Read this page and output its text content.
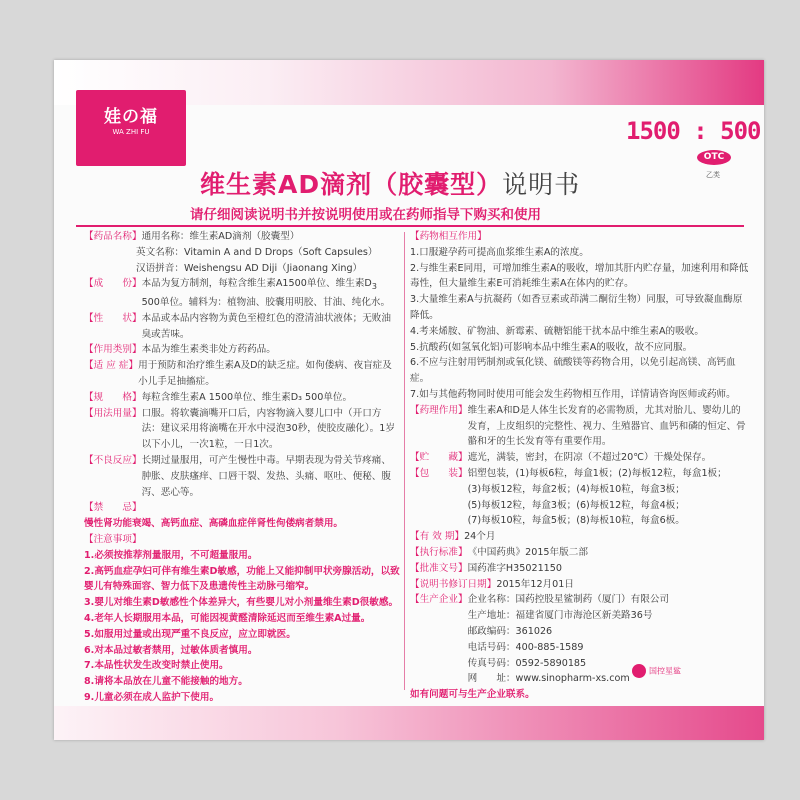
娃の福
WA ZHI FU	1500 : 500
OTC
乙类
维生素AD滴剂（胶囊型）说明书
请仔细阅读说明书并按说明使用或在药师指导下购买和使用
【药品名称】 通用名称：维生素AD滴剂（胶囊型）
英文名称：Vitamin A and D Drops（Soft Capsules）
汉语拼音：Weishengsu AD Diji（Jiaonang Xing）
【成　　份】 本品为复方制剂，每粒含维生素A1500单位、维生素$D_3$
500单位。辅料为：植物油、胶囊用明胶、甘油、纯化水。
【性　　状】 本品或本品内容物为黄色至橙红色的澄清油状液体；无败油臭或苦味。
【作用类别】 本品为维生素类非处方药药品。
【适 应 症】 用于预防和治疗维生素A及D的缺乏症。如佝偻病、夜盲症及小儿手足抽搐症。
【规　　格】 每粒含维生素A 1500单位、维生素D₃ 500单位。
【用法用量】 口服。将软囊滴嘴开口后，内容物滴入婴儿口中（开口方法：建议采用将滴嘴在开水中浸泡30秒，使胶皮融化）。1岁以下小儿，一次1粒，一日1次。
【不良反应】 长期过量服用，可产生慢性中毒。早期表现为骨关节疼痛、肿胀、皮肤瘙痒、口唇干裂、发热、头痛、呕吐、便秘、腹泻、恶心等。
【禁　　忌】
慢性肾功能衰竭、高钙血症、高磷血症伴肾性佝偻病者禁用。
【注意事项】
1.必须按推荐剂量服用，不可超量服用。
2.高钙血症孕妇可伴有维生素D敏感，功能上又能抑制甲状旁腺活动，以致婴儿有特殊面容、智力低下及患遗传性主动脉弓缩窄。
3.婴儿对维生素D敏感性个体差异大，有些婴儿对小剂量维生素D很敏感。
4.老年人长期服用本品，可能因视黄醛清除延迟而至维生素A过量。
5.如服用过量或出现严重不良反应，应立即就医。
6.对本品过敏者禁用，过敏体质者慎用。
7.本品性状发生改变时禁止使用。
8.请将本品放在儿童不能接触的地方。
9.儿童必须在成人监护下使用。
【药物相互作用】
1.口服避孕药可提高血浆维生素A的浓度。
2.与维生素E同用，可增加维生素A的吸收，增加其肝内贮存量，加速利用和降低毒性，但大量维生素E可消耗维生素A在体内的贮存。
3.大量维生素A与抗凝药（如香豆素或茚满二酮衍生物）同服，可导致凝血酶原降低。
4.考来烯胺、矿物油、新霉素、硫糖铝能干扰本品中维生素A的吸收。
5.抗酸药(如氢氧化铝)可影响本品中维生素A的吸收，故不应同服。
6.不应与注射用钙制剂或氧化镁、硫酸镁等药物合用，以免引起高镁、高钙血症。
7.如与其他药物同时使用可能会发生药物相互作用，详情请咨询医师或药师。
【药理作用】 维生素A和D是人体生长发育的必需物质，尤其对胎儿、婴幼儿的发育，上皮组织的完整性、视力、生殖器官、血钙和磷的恒定、骨骼和牙的生长发育等有重要作用。
【贮　　藏】 遮光，满装，密封，在阴凉（不超过20℃）干燥处保存。
【包　　装】 铝塑包装，(1)每板6粒，每盒1板；(2)每板12粒，每盒1板；
(3)每板12粒，每盒2板；(4)每板10粒，每盒3板；
(5)每板12粒，每盒3板；(6)每板12粒，每盒4板；
(7)每板10粒，每盒5板；(8)每板10粒，每盒6板。
【有 效 期】 24个月
【执行标准】 《中国药典》2015年版二部
【批准文号】 国药准字H35021150
【说明书修订日期】 2015年12月01日
【生产企业】 企业名称：国药控股星鲨制药（厦门）有限公司
生产地址：福建省厦门市海沧区新美路36号
邮政编码：361026
电话号码：400-885-1589
传真号码：0592-5890185
网　　址：www.sinopharm-xs.com
如有问题可与生产企业联系。
国控星鲨
